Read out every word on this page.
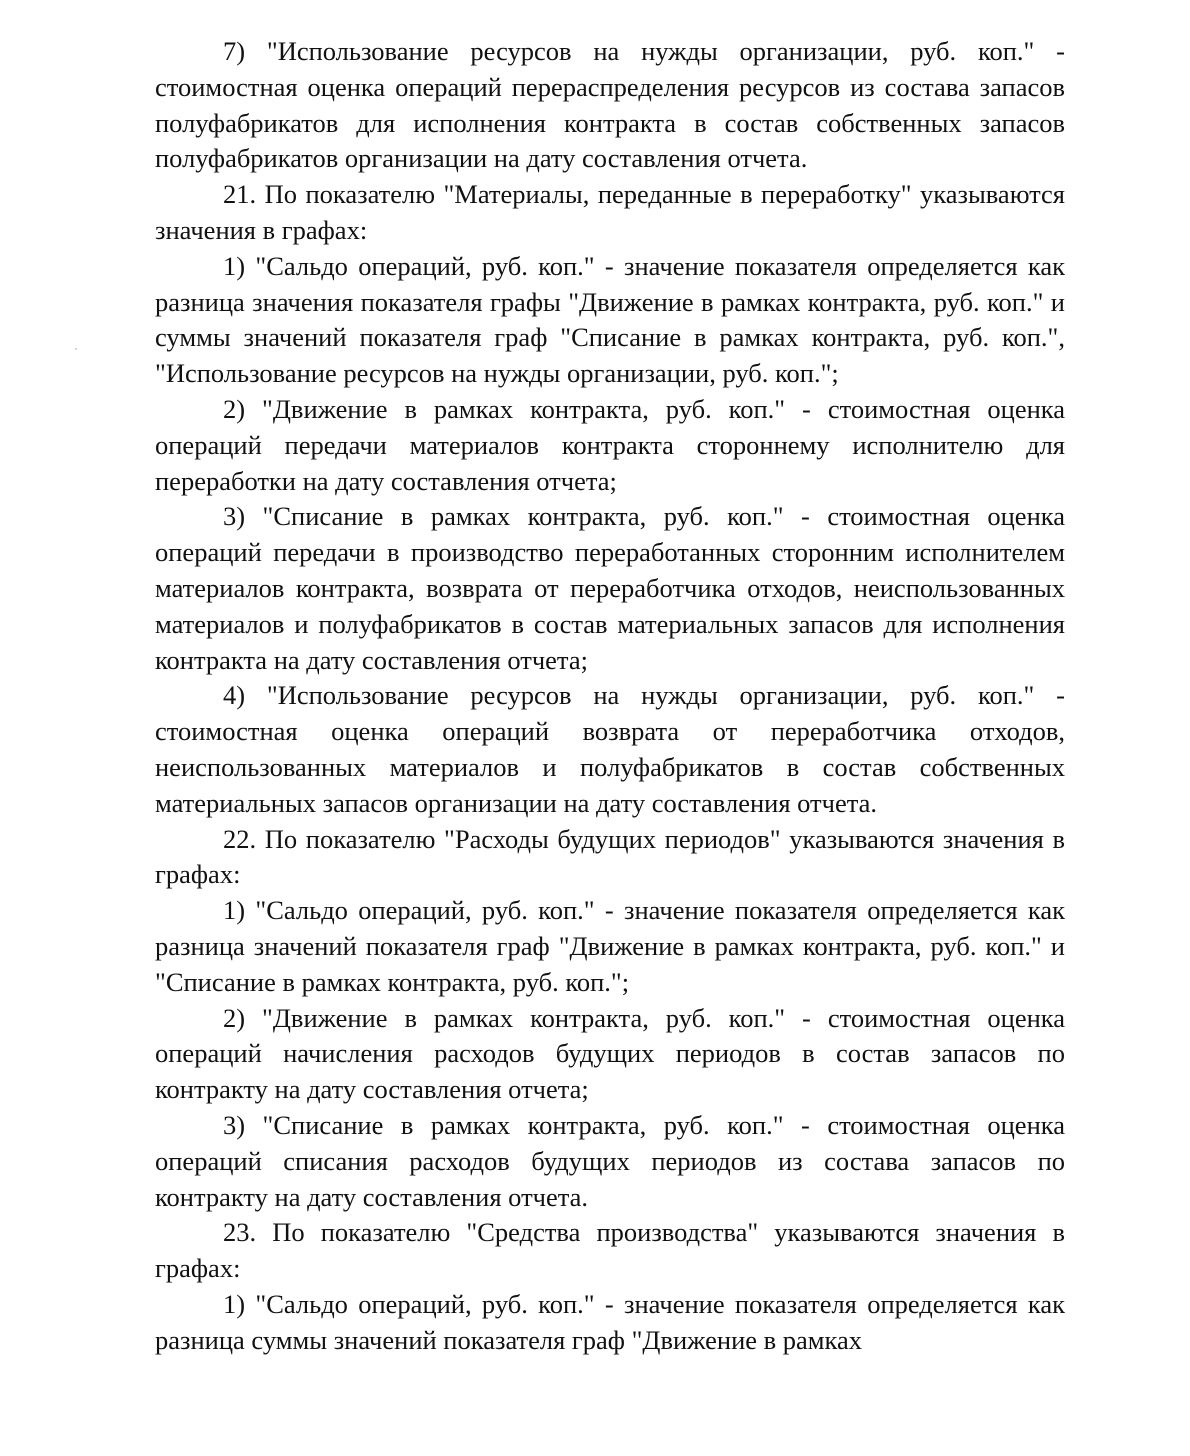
7) "Использование ресурсов на нужды организации, руб. коп." - стоимостная оценка операций перераспределения ресурсов из состава запасов полуфабрикатов для исполнения контракта в состав собственных запасов полуфабрикатов организации на дату составления отчета.

21. По показателю "Материалы, переданные в переработку" указываются значения в графах:

1) "Сальдо операций, руб. коп." - значение показателя определяется как разница значения показателя графы "Движение в рамках контракта, руб. коп." и суммы значений показателя граф "Списание в рамках контракта, руб. коп.", "Использование ресурсов на нужды организации, руб. коп.";

2) "Движение в рамках контракта, руб. коп." - стоимостная оценка операций передачи материалов контракта стороннему исполнителю для переработки на дату составления отчета;

3) "Списание в рамках контракта, руб. коп." - стоимостная оценка операций передачи в производство переработанных сторонним исполнителем материалов контракта, возврата от переработчика отходов, неиспользованных материалов и полуфабрикатов в состав материальных запасов для исполнения контракта на дату составления отчета;

4) "Использование ресурсов на нужды организации, руб. коп." - стоимостная оценка операций возврата от переработчика отходов, неиспользованных материалов и полуфабрикатов в состав собственных материальных запасов организации на дату составления отчета.

22. По показателю "Расходы будущих периодов" указываются значения в графах:

1) "Сальдо операций, руб. коп." - значение показателя определяется как разница значений показателя граф "Движение в рамках контракта, руб. коп." и "Списание в рамках контракта, руб. коп.";

2) "Движение в рамках контракта, руб. коп." - стоимостная оценка операций начисления расходов будущих периодов в состав запасов по контракту на дату составления отчета;

3) "Списание в рамках контракта, руб. коп." - стоимостная оценка операций списания расходов будущих периодов из состава запасов по контракту на дату составления отчета.

23. По показателю "Средства производства" указываются значения в графах:

1) "Сальдо операций, руб. коп." - значение показателя определяется как разница суммы значений показателя граф "Движение в рамках
